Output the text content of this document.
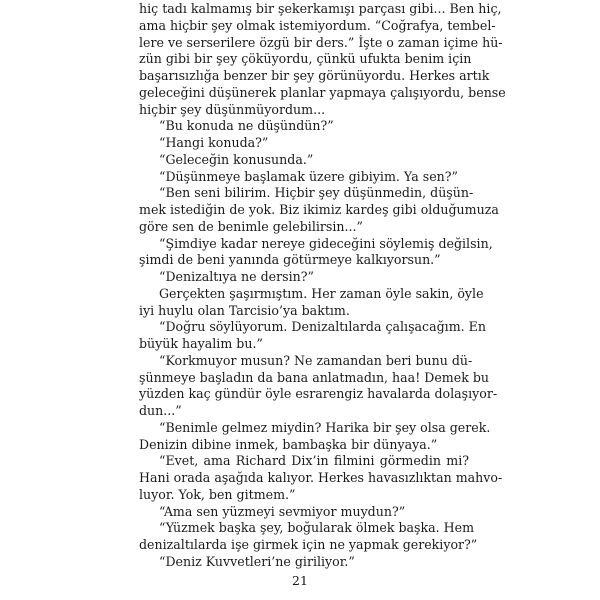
hiç tadı kalmamış bir şekerkamışı parçası gibi... Ben hiç,
ama hiçbir şey olmak istemiyordum. “Coğrafya, tembel-
lere ve serserilere özgü bir ders.” İşte o zaman içime hü-
zün gibi bir şey çöküyordu, çünkü ufukta benim için
başarısızlığa benzer bir şey görünüyordu. Herkes artık
geleceğini düşünerek planlar yapmaya çalışıyordu, bense
hiçbir şey düşünmüyordum...
“Bu konuda ne düşündün?”
“Hangi konuda?”
“Geleceğin konusunda.”
“Düşünmeye başlamak üzere gibiyim. Ya sen?”
“Ben seni bilirim. Hiçbir şey düşünmedin, düşün-
mek istediğin de yok. Biz ikimiz kardeş gibi olduğumuza
göre sen de benimle gelebilirsin...”
“Şimdiye kadar nereye gideceğini söylemiş değilsin,
şimdi de beni yanında götürmeye kalkıyorsun.”
“Denizaltıya ne dersin?”
Gerçekten şaşırmıştım. Her zaman öyle sakin, öyle
iyi huylu olan Tarcisio’ya baktım.
“Doğru söylüyorum. Denizaltılarda çalışacağım. En
büyük hayalim bu.”
“Korkmuyor musun? Ne zamandan beri bunu dü-
şünmeye başladın da bana anlatmadın, haa! Demek bu
yüzden kaç gündür öyle esrarengiz havalarda dolaşıyor-
dun...”
“Benimle gelmez miydin? Harika bir şey olsa gerek.
Denizin dibine inmek, bambaşka bir dünyaya.”
“Evet, ama Richard Dix’in filmini görmedin mi?
Hani orada aşağıda kalıyor. Herkes havasızlıktan mahvo-
luyor. Yok, ben gitmem.”
“Ama sen yüzmeyi sevmiyor muydun?”
“Yüzmek başka şey, boğularak ölmek başka. Hem
denizaltılarda işe girmek için ne yapmak gerekiyor?”
“Deniz Kuvvetleri’ne giriliyor.”
21
